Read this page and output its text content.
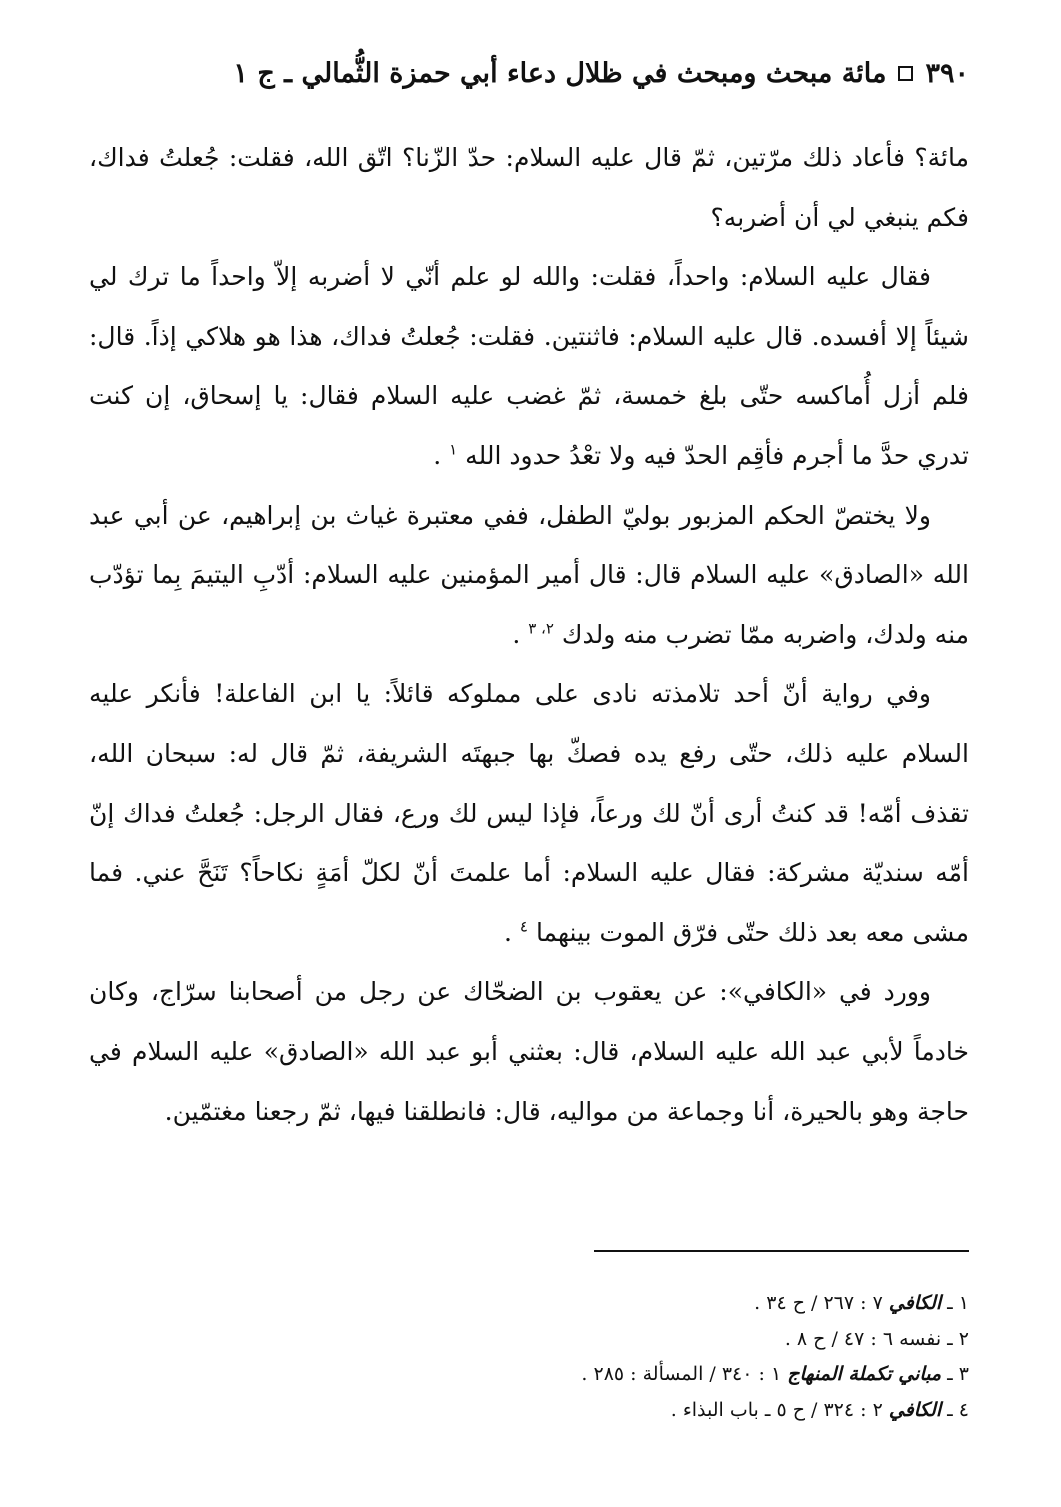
٣٩٠
مائة مبحث ومبحث في ظلال دعاء أبي حمزة الثُّمالي ـ ج ١

مائة؟ فأعاد ذلك مرّتين، ثمّ قال عليه السلام: حدّ الزّنا؟ اتّق الله، فقلت: جُعلتُ فداك، فكم ينبغي لي أن أضربه؟

فقال عليه السلام: واحداً، فقلت: والله لو علم أنّي لا أضربه إلاّ واحداً ما ترك لي شيئاً إلا أفسده. قال عليه السلام: فاثنتين. فقلت: جُعلتُ فداك، هذا هو هلاكي إذاً. قال: فلم أزل أُماكسه حتّى بلغ خمسة، ثمّ غضب عليه السلام فقال: يا إسحاق، إن كنت تدري حدَّ ما أجرم فأقِم الحدّ فيه ولا تعْدُ حدود الله $^١$ .

ولا يختصّ الحكم المزبور بوليّ الطفل، ففي معتبرة غياث بن إبراهيم، عن أبي عبد الله «الصادق» عليه السلام قال: قال أمير المؤمنين عليه السلام: أدّبِ اليتيمَ بِما تؤدّب منه ولدك، واضربه ممّا تضرب منه ولدك $^{٢، ٣}$ .

وفي رواية أنّ أحد تلامذته نادى على مملوكه قائلاً: يا ابن الفاعلة! فأنكر عليه السلام عليه ذلك، حتّى رفع يده فصكّ بها جبهتَه الشريفة، ثمّ قال له: سبحان الله، تقذف أمّه! قد كنتُ أرى أنّ لك ورعاً، فإذا ليس لك ورع، فقال الرجل: جُعلتُ فداك إنّ أمّه سنديّة مشركة: فقال عليه السلام: أما علمتَ أنّ لكلّ أمَةٍ نكاحاً؟ تَنَحَّ عني. فما مشى معه بعد ذلك حتّى فرّق الموت بينهما $^٤$ .

وورد في «الكافي»: عن يعقوب بن الضحّاك عن رجل من أصحابنا سرّاج، وكان خادماً لأبي عبد الله عليه السلام، قال: بعثني أبو عبد الله «الصادق» عليه السلام في حاجة وهو بالحيرة، أنا وجماعة من مواليه، قال: فانطلقنا فيها، ثمّ رجعنا مغتمّين.

١ ـ الكافي ٧ : ٢٦٧ / ح ٣٤ .

٢ ـ نفسه ٦ : ٤٧ / ح ٨ .

٣ ـ مباني تكملة المنهاج ١ : ٣٤٠ / المسألة : ٢٨٥ .

٤ ـ الكافي ٢ : ٣٢٤ / ح ٥ ـ باب البذاء .
